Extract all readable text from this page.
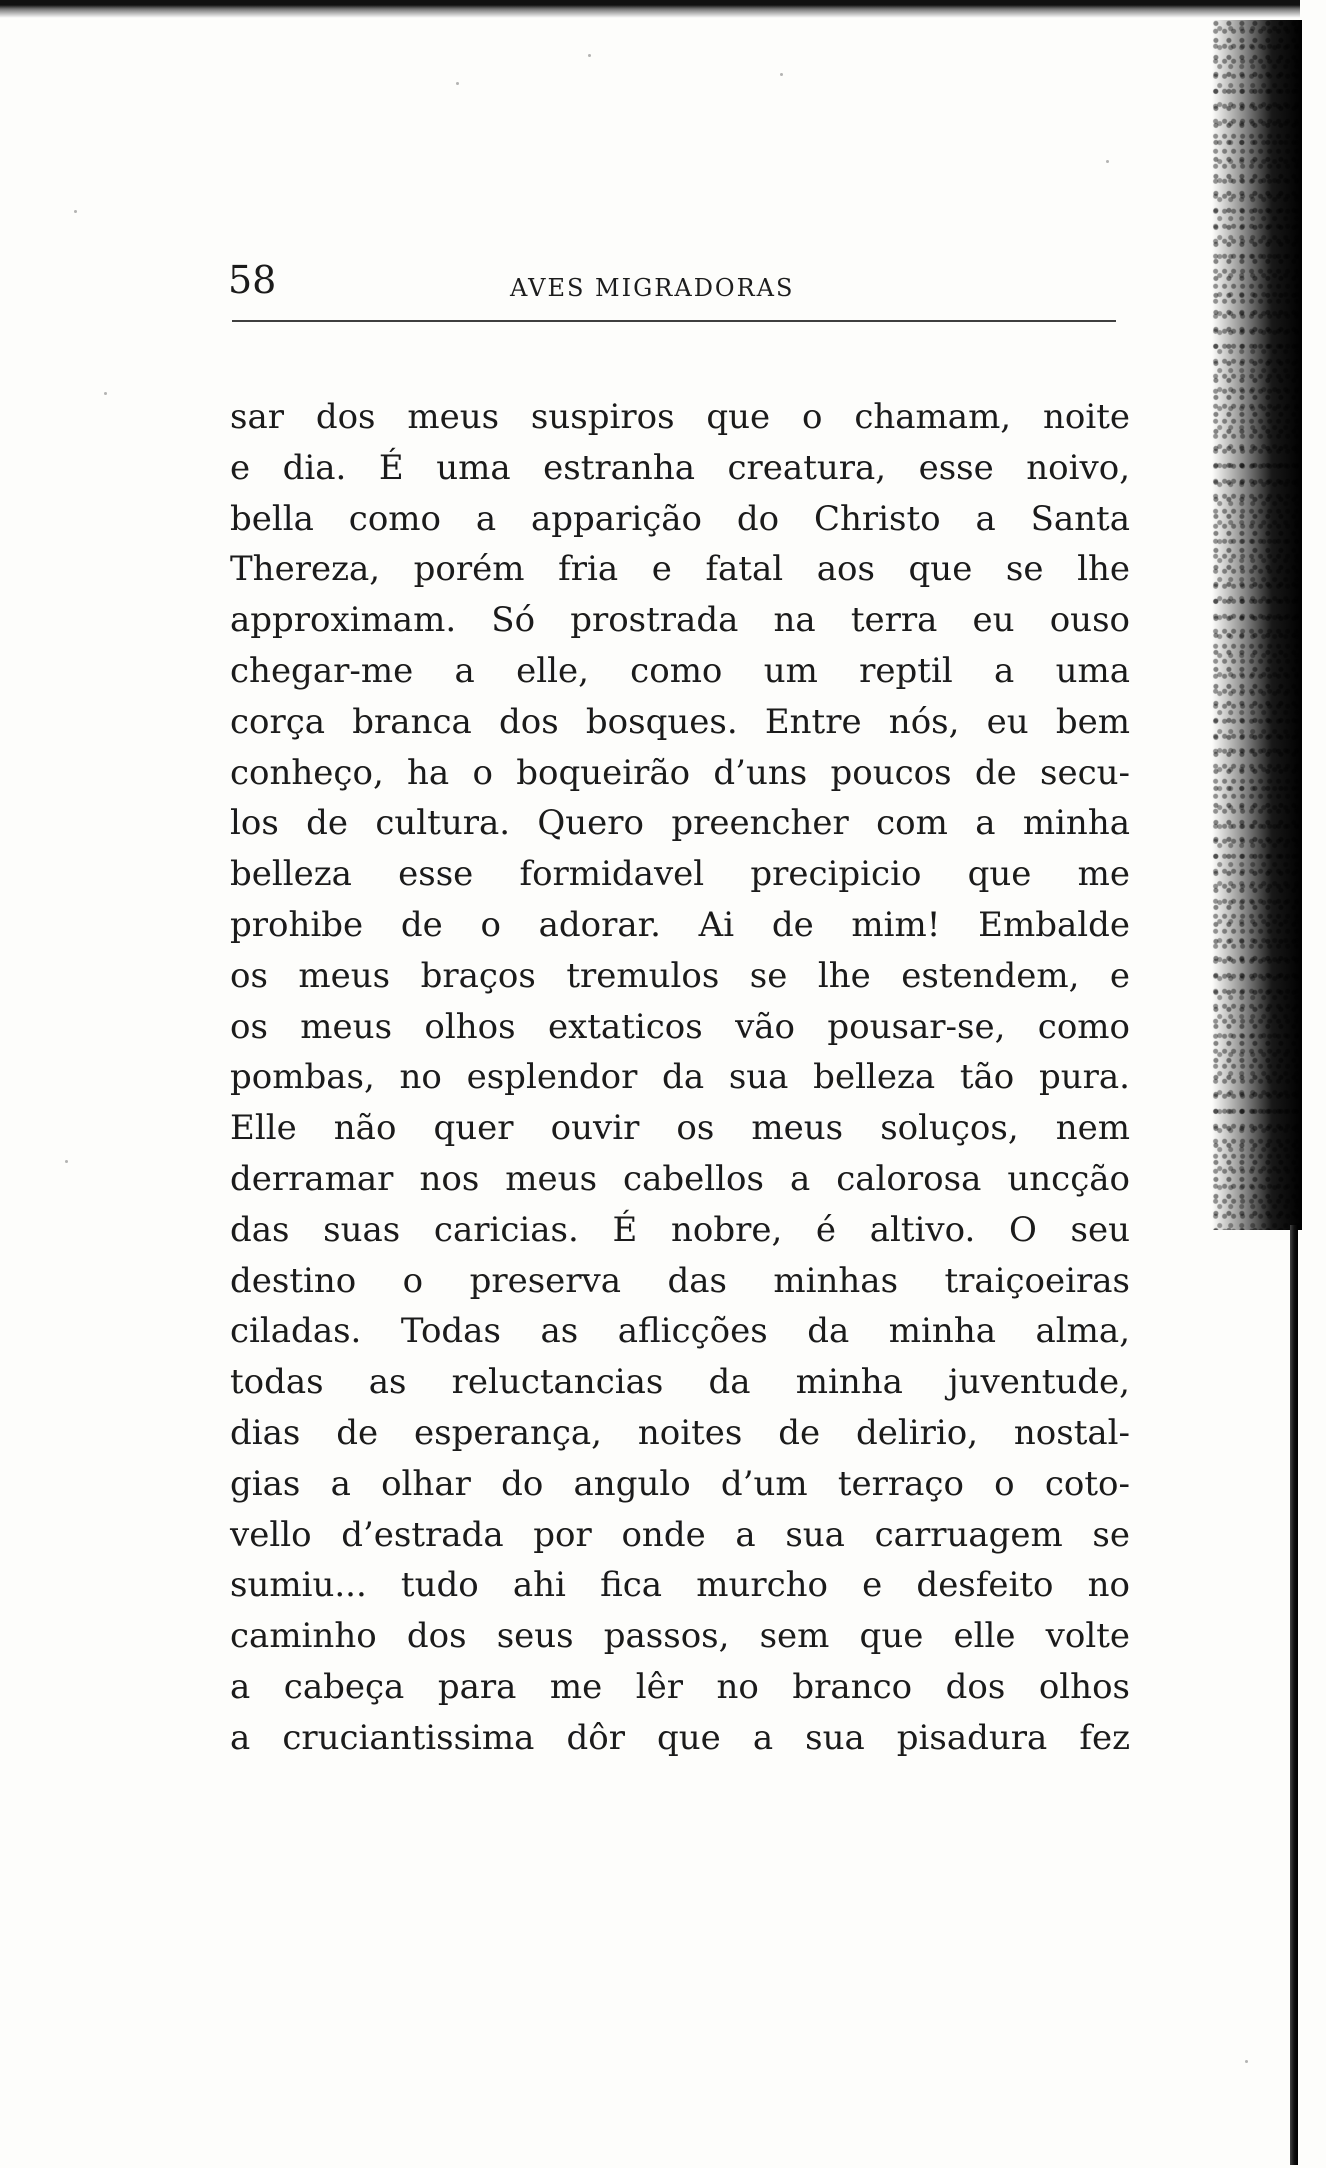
58	AVES MIGRADORAS
sar dos meus suspiros que o chamam, noite
e dia. É uma estranha creatura, esse noivo,
bella como a apparição do Christo a Santa
Thereza, porém fria e fatal aos que se lhe
approximam. Só prostrada na terra eu ouso
chegar-me a elle, como um reptil a uma
corça branca dos bosques. Entre nós, eu bem
conheço, ha o boqueirão d’uns poucos de secu-
los de cultura. Quero preencher com a minha
belleza esse formidavel precipicio que me
prohibe de o adorar. Ai de mim! Embalde
os meus braços tremulos se lhe estendem, e
os meus olhos extaticos vão pousar-se, como
pombas, no esplendor da sua belleza tão pura.
Elle não quer ouvir os meus soluços, nem
derramar nos meus cabellos a calorosa uncção
das suas caricias. É nobre, é altivo. O seu
destino o preserva das minhas traiçoeiras
ciladas. Todas as aflicções da minha alma,
todas as reluctancias da minha juventude,
dias de esperança, noites de delirio, nostal-
gias a olhar do angulo d’um terraço o coto-
vello d’estrada por onde a sua carruagem se
sumiu... tudo ahi fica murcho e desfeito no
caminho dos seus passos, sem que elle volte
a cabeça para me lêr no branco dos olhos
a cruciantissima dôr que a sua pisadura fez
